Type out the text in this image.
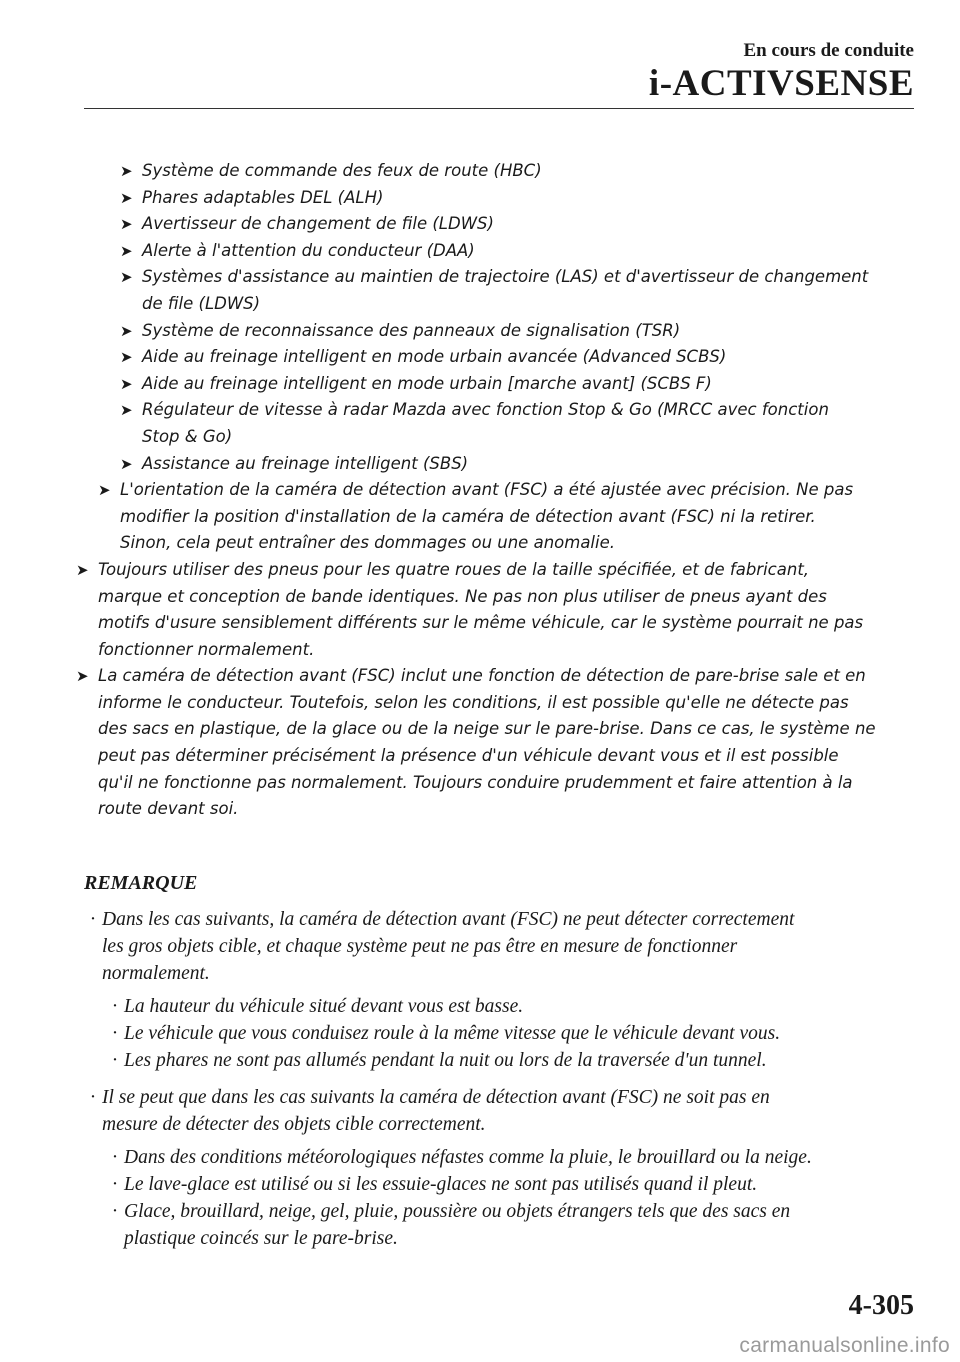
En cours de conduite
i-ACTIVSENSE
➤ Système de commande des feux de route (HBC)
➤ Phares adaptables DEL (ALH)
➤ Avertisseur de changement de file (LDWS)
➤ Alerte à l'attention du conducteur (DAA)
➤ Systèmes d'assistance au maintien de trajectoire (LAS) et d'avertisseur de changement
de file (LDWS)
➤ Système de reconnaissance des panneaux de signalisation (TSR)
➤ Aide au freinage intelligent en mode urbain avancée (Advanced SCBS)
➤ Aide au freinage intelligent en mode urbain [marche avant] (SCBS F)
➤ Régulateur de vitesse à radar Mazda avec fonction Stop & Go (MRCC avec fonction
Stop & Go)
➤ Assistance au freinage intelligent (SBS)
➤ L'orientation de la caméra de détection avant (FSC) a été ajustée avec précision. Ne pas
modifier la position d'installation de la caméra de détection avant (FSC) ni la retirer.
Sinon, cela peut entraîner des dommages ou une anomalie.
➤ Toujours utiliser des pneus pour les quatre roues de la taille spécifiée, et de fabricant,
marque et conception de bande identiques. Ne pas non plus utiliser de pneus ayant des
motifs d'usure sensiblement différents sur le même véhicule, car le système pourrait ne pas
fonctionner normalement.
➤ La caméra de détection avant (FSC) inclut une fonction de détection de pare-brise sale et en
informe le conducteur. Toutefois, selon les conditions, il est possible qu'elle ne détecte pas
des sacs en plastique, de la glace ou de la neige sur le pare-brise. Dans ce cas, le système ne
peut pas déterminer précisément la présence d'un véhicule devant vous et il est possible
qu'il ne fonctionne pas normalement. Toujours conduire prudemment et faire attention à la
route devant soi.
REMARQUE
· Dans les cas suivants, la caméra de détection avant (FSC) ne peut détecter correctement
les gros objets cible, et chaque système peut ne pas être en mesure de fonctionner
normalement.
· La hauteur du véhicule situé devant vous est basse.
· Le véhicule que vous conduisez roule à la même vitesse que le véhicule devant vous.
· Les phares ne sont pas allumés pendant la nuit ou lors de la traversée d'un tunnel.
· Il se peut que dans les cas suivants la caméra de détection avant (FSC) ne soit pas en
mesure de détecter des objets cible correctement.
· Dans des conditions météorologiques néfastes comme la pluie, le brouillard ou la neige.
· Le lave-glace est utilisé ou si les essuie-glaces ne sont pas utilisés quand il pleut.
· Glace, brouillard, neige, gel, pluie, poussière ou objets étrangers tels que des sacs en
plastique coincés sur le pare-brise.
4-305
carmanualsonline.info
